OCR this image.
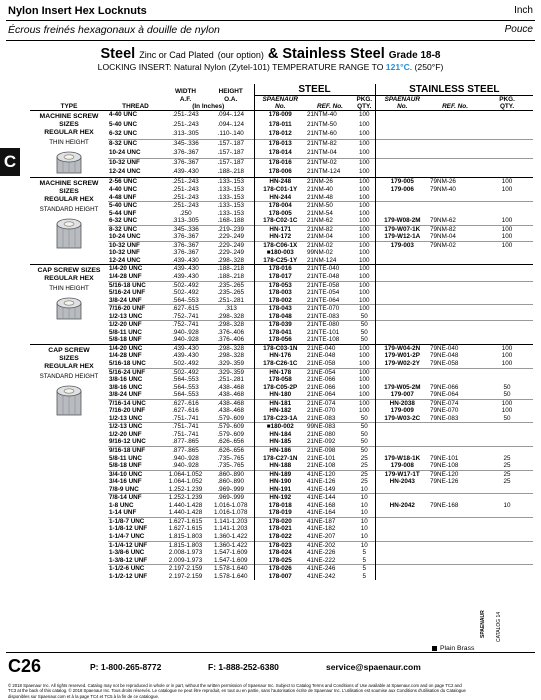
Nylon Insert Hex Locknuts	Inch
Écrous freinés hexagonaux à douille de nylon	Pouce
Steel Zinc or Cad Plated (our option) & Stainless Steel Grade 18-8
LOCKING INSERT: Natural Nylon (Zytel-101) TEMPERATURE RANGE TO 121°C. (250°F)
C
		WIDTH	HEIGHT	STEEL			STAINLESS STEEL		
		A.F.	O.A.	SPAENAUR		PKG.	SPAENAUR		PKG.
TYPE	THREAD	(In Inches)		No.	REF. No.	QTY.	No.	REF. No.	QTY.

MACHINE SCREW
SIZES
REGULAR HEX
THIN HEIGHT	4-40 UNC	.251-.243	.094-.124	178-009	21NTM-40	100			
	5-40 UNC	.251-.243	.094-.124	178-011	21NTM-50	100			
	6-32 UNC	.313-.305	.110-.140	178-012	21NTM-60	100			
	8-32 UNC	.345-.336	.157-.187	178-013	21NTM-82	100			
	10-24 UNC	.376-.367	.157-.187	178-014	21NTM-04	100			
	10-32 UNF	.376-.367	.157-.187	178-016	21NTM-02	100			
	12-24 UNC	.439-.430	.188-.218	178-006	21NTM-124	100			

MACHINE SCREW
SIZES
REGULAR HEX
STANDARD HEIGHT	2-56 UNC	.251-.243	.133-.153	HN-248	21NM-26	100	179-005	79NM-26	100
	4-40 UNC	.251-.243	.133-.153	178-C01-1Y	21NM-40	100	179-006	79NM-40	100
	4-48 UNF	.251-.243	.133-.153	HN-244	21NM-48	100			
	5-40 UNC	.251-.243	.133-.153	178-004	21NM-50	100			
	5-44 UNF	.250	.133-.153	178-005	21NM-54	100			
	6-32 UNC	.313-.305	.168-.188	178-C02-1C	21NM-62	100	179-W08-2M	79NM-62	100
	8-32 UNC	.345-.336	.219-.239	HN-171	21NM-82	100	179-W07-1K	79NM-82	100
	10-24 UNC	.376-.367	.229-.249	HN-172	21NM-04	100	179-W12-1A	79NM-04	100
	10-32 UNF	.376-.367	.229-.249	178-C06-1X	21NM-02	100	179-003	79NM-02	100
	10-32 UNF	.376-.367	.229-.249	■180-003	99NM-02	100			
	12-24 UNC	.439-.430	.298-.328	178-C25-1Y	21NM-124	100			

CAP SCREW SIZES
REGULAR HEX
THIN HEIGHT	1/4-20 UNC	.439-.430	.188-.218	178-016	21NTE-040	100			
	1/4-28 UNF	.439-.430	.188-.218	178-017	21NTE-048	100			
	5/16-18 UNC	.502-.492	.235-.265	178-053	21NTE-058	100			
	5/16-24 UNF	.502-.492	.235-.265	178-003	21NTE-054	100			
	3/8-24 UNF	.564-.553	.251-.281	178-002	21NTE-064	100			
	7/16-20 UNF	.627-.615	.313	178-043	21NTE-070	100			
	1/2-13 UNC	.752-.741	.298-.328	178-048	21NTE-083	50			
	1/2-20 UNF	.752-.741	.298-.328	178-039	21NTE-080	50			
	5/8-11 UNC	.940-.928	.376-.406	178-041	21NTE-101	50			
	5/8-18 UNF	.940-.928	.376-.406	178-056	21NTE-108	50			

CAP SCREW
SIZES
REGULAR HEX
STANDARD HEIGHT	1/4-20 UNC	.439-.430	.298-.328	178-C03-1N	21NE-040	100	179-W04-2N	79NE-040	100
	1/4-28 UNF	.439-.430	.298-.328	HN-176	21NE-048	100	179-W01-2P	79NE-048	100
	5/16-18 UNC	.502-.492	.329-.359	178-C26-1C	21NE-058	100	179-W02-2Y	79NE-058	100
	5/16-24 UNF	.502-.492	.329-.359	HN-178	21NE-054	100			
	3/8-16 UNC	.564-.553	.251-.281	178-058	21NE-066	100			
	3/8-16 UNC	.564-.553	.438-.468	178-C05-2P	21NE-066	100	179-W05-2M	79NE-066	50
	3/8-24 UNF	.564-.553	.438-.468	HN-180	21NE-064	100	179-007	79NE-064	50
	7/16-14 UNC	.627-.616	.438-.468	HN-181	21NE-074	100	HN-2038	79NE-074	100
	7/16-20 UNF	.627-.616	.438-.468	HN-182	21NE-070	100	179-009	79NE-070	100
	1/2-13 UNC	.751-.741	.579-.609	178-C23-1A	21NE-083	50	179-W03-2C	79NE-083	50
	1/2-13 UNC	.751-.741	.579-.609	■180-002	99NE-083	50			
	1/2-20 UNF	.751-.741	.579-.609	HN-184	21NE-080	50			
	9/16-12 UNC	.877-.865	.626-.656	HN-185	21NE-092	50			
	9/16-18 UNF	.877-.865	.626-.656	HN-186	21NE-098	50			
	5/8-11 UNC	.940-.928	.735-.765	178-C27-1N	21NE-101	25	179-W18-1K	79NE-101	25
	5/8-18 UNF	.940-.928	.735-.765	HN-188	21NE-108	25	179-008	79NE-108	25
	3/4-10 UNC	1.064-1.052	.860-.890	HN-189	41NE-120	25	179-W17-1T	79NE-120	25
	3/4-16 UNF	1.064-1.052	.860-.890	HN-190	41NE-126	25	HN-2043	79NE-126	25
	7/8-9 UNC	1.252-1.239	.969-.999	HN-191	41NE-149	10			
	7/8-14 UNF	1.252-1.239	.969-.999	HN-192	41NE-144	10			
	1-8 UNC	1.440-1.428	1.016-1.078	178-018	41NE-168	10	HN-2042	79NE-168	10
	1-14 UNF	1.440-1.428	1.016-1.078	178-019	41NE-164	10			
	1-1/8-7 UNC	1.627-1.615	1.141-1.203	178-020	41NE-187	10			
	1-1/8-12 UNF	1.627-1.615	1.141-1.203	178-021	41NE-182	10			
	1-1/4-7 UNC	1.815-1.803	1.360-1.422	178-022	41NE-207	10			
	1-1/4-12 UNF	1.815-1.803	1.360-1.422	178-023	41NE-202	10			
	1-3/8-6 UNC	2.008-1.973	1.547-1.609	178-024	41NE-226	5			
	1-3/8-12 UNF	2.009-1.973	1.547-1.609	178-025	41NE-222	5			
	1-1/2-6 UNC	2.197-2.159	1.578-1.640	178-026	41NE-246	5			
	1-1/2-12 UNF	2.197-2.159	1.578-1.640	178-007	41NE-242	5			
Plain Brass
CATALOG 14
SPAENAUR
C26	P: 1-800-265-8772	F: 1-888-252-6380	service@spaenaur.com
© 2018 Spaenaur Inc. All rights reserved. Catalog may not be reproduced in whole or in part, without the written permission of Spaenaur Inc. Subject to Catalog Terms and Conditions of Use available at Spaenaur.com and on page TC2 and
TC3 at the back of this catalog. © 2018 Spaenaur Inc. Tous droits réservés. Le catalogue ne peut être reproduit, en tout ou en partie, sans l'autorisation écrite de Spaenaur Inc. L'utilisation est soumise aux Conditions d'utilisation du Catalogue
disponibles sur Spaenaur.com et à la page TC4 et TC5 à la fin de ce catalogue.
